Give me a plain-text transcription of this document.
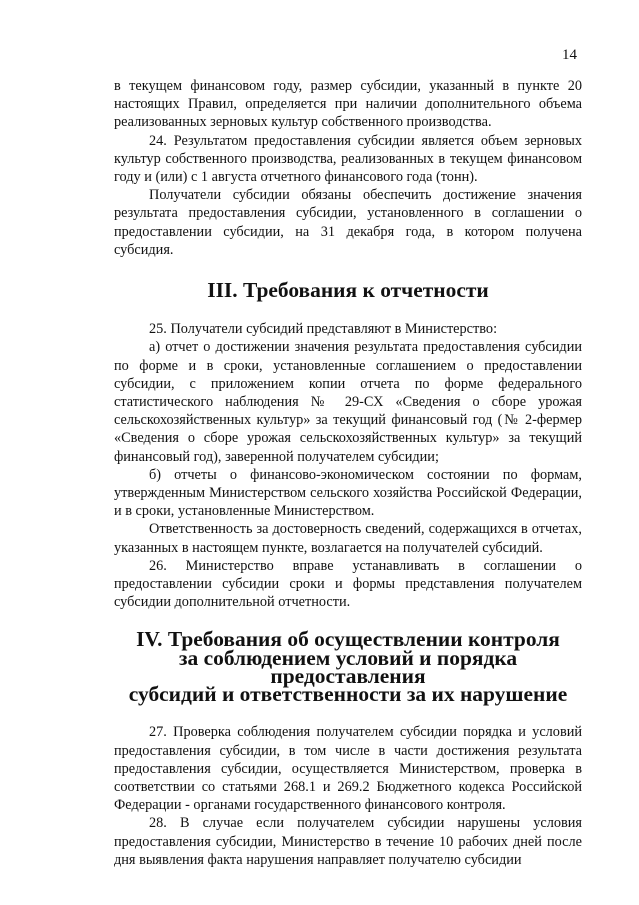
14

в текущем финансовом году, размер субсидии, указанный в пункте 20 настоящих Правил, определяется при наличии дополнительного объема реализованных зерновых культур собственного производства.

24. Результатом предоставления субсидии является объем зерновых культур собственного производства, реализованных в текущем финансовом году и (или) с 1 августа отчетного финансового года (тонн).

Получатели субсидии обязаны обеспечить достижение значения результата предоставления субсидии, установленного в соглашении о предоставлении субсидии, на 31 декабря года, в котором получена субсидия.

III. Требования к отчетности

25. Получатели субсидий представляют в Министерство:

а) отчет о достижении значения результата предоставления субсидии по форме и в сроки, установленные соглашением о предоставлении субсидии, с приложением копии отчета по форме федерального статистического наблюдения № 29-СХ «Сведения о сборе урожая сельскохозяйственных культур» за текущий финансовый год (№ 2-фермер «Сведения о сборе урожая сельскохозяйственных культур» за текущий финансовый год), заверенной получателем субсидии;

б) отчеты о финансово-экономическом состоянии по формам, утвержденным Министерством сельского хозяйства Российской Федерации, и в сроки, установленные Министерством.

Ответственность за достоверность сведений, содержащихся в отчетах, указанных в настоящем пункте, возлагается на получателей субсидий.

26. Министерство вправе устанавливать в соглашении о предоставлении субсидии сроки и формы представления получателем субсидии дополнительной отчетности.

IV. Требования об осуществлении контроля
за соблюдением условий и порядка предоставления
субсидий и ответственности за их нарушение

27. Проверка соблюдения получателем субсидии порядка и условий предоставления субсидии, в том числе в части достижения результата предоставления субсидии, осуществляется Министерством, проверка в соответствии со статьями 268.1 и 269.2 Бюджетного кодекса Российской Федерации - органами государственного финансового контроля.

28. В случае если получателем субсидии нарушены условия предоставления субсидии, Министерство в течение 10 рабочих дней после дня выявления факта нарушения направляет получателю субсидии
